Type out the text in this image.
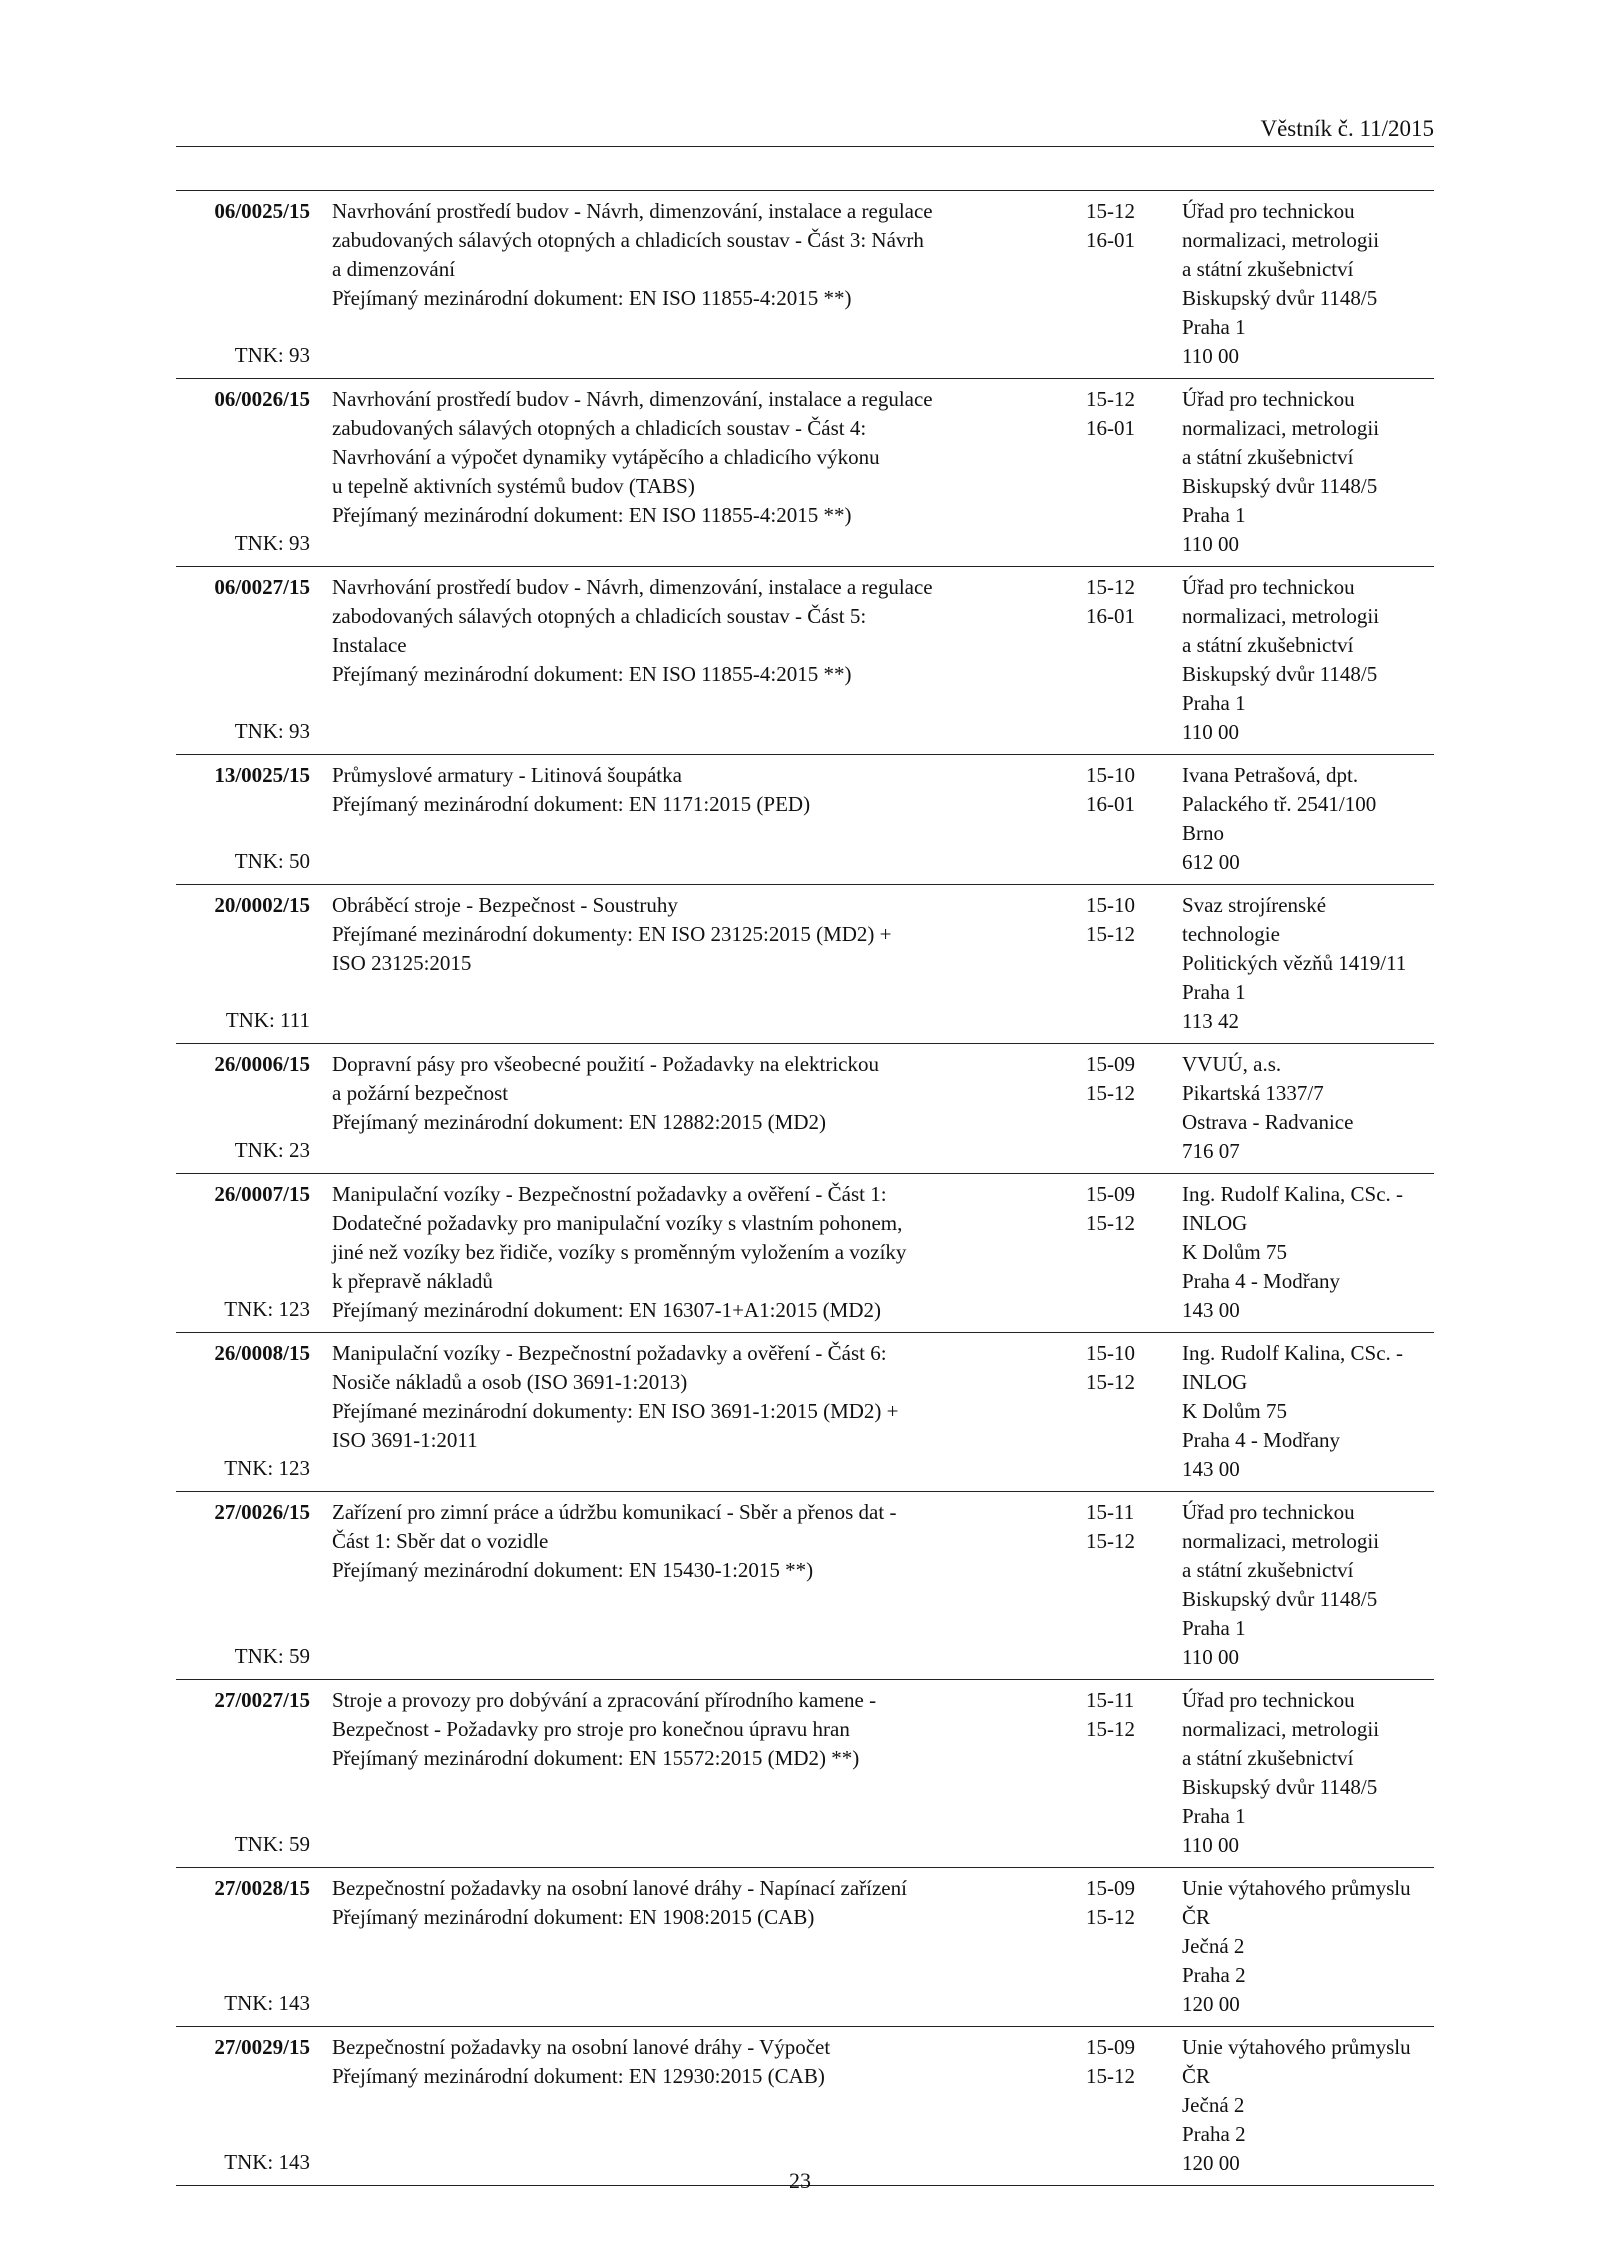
Věstník č. 11/2015
06/0025/15
TNK: 93
Navrhování prostředí budov - Návrh, dimenzování, instalace a regulace
zabudovaných sálavých otopných a chladicích soustav - Část 3: Návrh
a dimenzování
Přejímaný mezinárodní dokument: EN ISO 11855-4:2015 **)
15-12
16-01
Úřad pro technickou
normalizaci, metrologii
a státní zkušebnictví
Biskupský dvůr 1148/5
Praha 1
110 00
06/0026/15
TNK: 93
Navrhování prostředí budov - Návrh, dimenzování, instalace a regulace
zabudovaných sálavých otopných a chladicích soustav - Část 4:
Navrhování a výpočet dynamiky vytápěcího a chladicího výkonu
u tepelně aktivních systémů budov (TABS)
Přejímaný mezinárodní dokument: EN ISO 11855-4:2015 **)
15-12
16-01
Úřad pro technickou
normalizaci, metrologii
a státní zkušebnictví
Biskupský dvůr 1148/5
Praha 1
110 00
06/0027/15
TNK: 93
Navrhování prostředí budov - Návrh, dimenzování, instalace a regulace
zabodovaných sálavých otopných a chladicích soustav - Část 5:
Instalace
Přejímaný mezinárodní dokument: EN ISO 11855-4:2015 **)
15-12
16-01
Úřad pro technickou
normalizaci, metrologii
a státní zkušebnictví
Biskupský dvůr 1148/5
Praha 1
110 00
13/0025/15
TNK: 50
Průmyslové armatury - Litinová šoupátka
Přejímaný mezinárodní dokument: EN 1171:2015 (PED)
15-10
16-01
Ivana Petrašová, dpt.
Palackého tř. 2541/100
Brno
612 00
20/0002/15
TNK: 111
Obráběcí stroje - Bezpečnost - Soustruhy
Přejímané mezinárodní dokumenty: EN ISO 23125:2015 (MD2) +
ISO 23125:2015
15-10
15-12
Svaz strojírenské
technologie
Politických vězňů 1419/11
Praha 1
113 42
26/0006/15
TNK: 23
Dopravní pásy pro všeobecné použití - Požadavky na elektrickou
a požární bezpečnost
Přejímaný mezinárodní dokument: EN 12882:2015 (MD2)
15-09
15-12
VVUÚ, a.s.
Pikartská 1337/7
Ostrava - Radvanice
716 07
26/0007/15
TNK: 123
Manipulační vozíky - Bezpečnostní požadavky a ověření - Část 1:
Dodatečné požadavky pro manipulační vozíky s vlastním pohonem,
jiné než vozíky bez řidiče, vozíky s proměnným vyložením a vozíky
k přepravě nákladů
Přejímaný mezinárodní dokument: EN 16307-1+A1:2015 (MD2)
15-09
15-12
Ing. Rudolf Kalina, CSc. -
INLOG
K Dolům 75
Praha 4 - Modřany
143 00
26/0008/15
TNK: 123
Manipulační vozíky - Bezpečnostní požadavky a ověření - Část 6:
Nosiče nákladů a osob (ISO 3691-1:2013)
Přejímané mezinárodní dokumenty: EN ISO 3691-1:2015 (MD2) +
ISO 3691-1:2011
15-10
15-12
Ing. Rudolf Kalina, CSc. -
INLOG
K Dolům 75
Praha 4 - Modřany
143 00
27/0026/15
TNK: 59
Zařízení pro zimní práce a údržbu komunikací - Sběr a přenos dat -
Část 1: Sběr dat o vozidle
Přejímaný mezinárodní dokument: EN 15430-1:2015 **)
15-11
15-12
Úřad pro technickou
normalizaci, metrologii
a státní zkušebnictví
Biskupský dvůr 1148/5
Praha 1
110 00
27/0027/15
TNK: 59
Stroje a provozy pro dobývání a zpracování přírodního kamene -
Bezpečnost - Požadavky pro stroje pro konečnou úpravu hran
Přejímaný mezinárodní dokument: EN 15572:2015 (MD2) **)
15-11
15-12
Úřad pro technickou
normalizaci, metrologii
a státní zkušebnictví
Biskupský dvůr 1148/5
Praha 1
110 00
27/0028/15
TNK: 143
Bezpečnostní požadavky na osobní lanové dráhy - Napínací zařízení
Přejímaný mezinárodní dokument: EN 1908:2015 (CAB)
15-09
15-12
Unie výtahového průmyslu
ČR
Ječná 2
Praha 2
120 00
27/0029/15
TNK: 143
Bezpečnostní požadavky na osobní lanové dráhy - Výpočet
Přejímaný mezinárodní dokument: EN 12930:2015 (CAB)
15-09
15-12
Unie výtahového průmyslu
ČR
Ječná 2
Praha 2
120 00
23
